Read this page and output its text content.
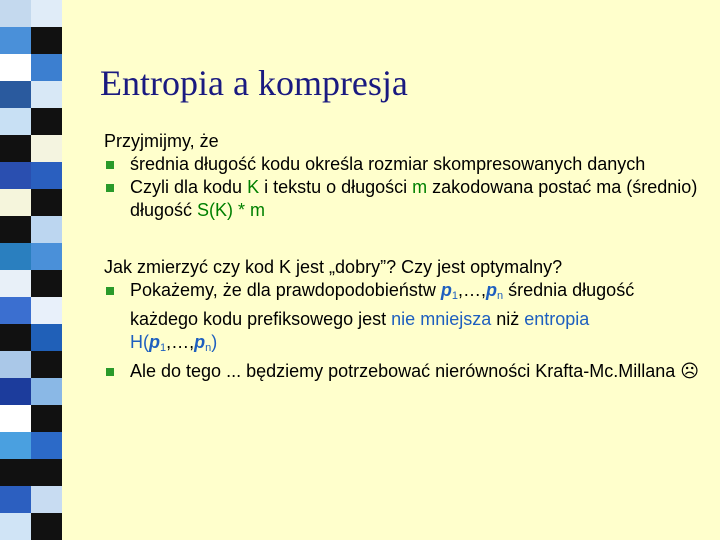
Entropia a kompresja

Przyjmijmy, że

średnia długość kodu określa rozmiar skompresowanych danych

Czyli dla kodu K i tekstu o długości m zakodowana postać ma (średnio) długość S(K) * m

Jak zmierzyć czy kod K jest „dobry”? Czy jest optymalny?

Pokażemy, że dla prawdopodobieństw $p_1,\dots,p_n$ średnia długość każdego kodu prefiksowego jest nie mniejsza niż entropia
$H(p_1,\dots,p_n)$

Ale do tego ... będziemy potrzebować nierówności Krafta-Mc.Millana ☹
